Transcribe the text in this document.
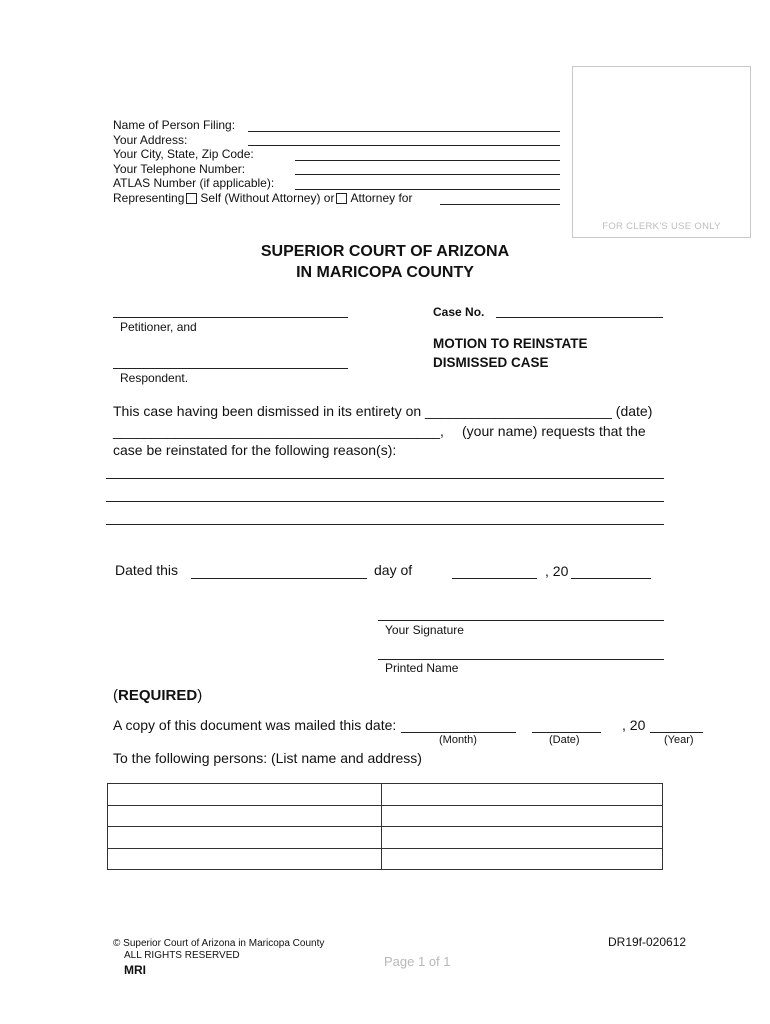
Name of Person Filing:
Your Address:
Your City, State, Zip Code:
Your Telephone Number:
ATLAS Number (if applicable):
Representing Self (Without Attorney) or Attorney for
FOR CLERK'S USE ONLY
SUPERIOR COURT OF ARIZONA
IN MARICOPA COUNTY
Petitioner, and
Respondent.
Case No.
MOTION TO REINSTATE
DISMISSED CASE
This case having been dismissed in its entirety on ________________________ (date)
__________________________________________, (your name) requests that the
case be reinstated for the following reason(s):
Dated this	day of	, 20
Your Signature
Printed Name
(REQUIRED)
A copy of this document was mailed this date:	, 20
(Month)	(Date)	(Year)
To the following persons: (List name and address)

© Superior Court of Arizona in Maricopa County
ALL RIGHTS RESERVED
MRI
Page 1 of 1
DR19f-020612
